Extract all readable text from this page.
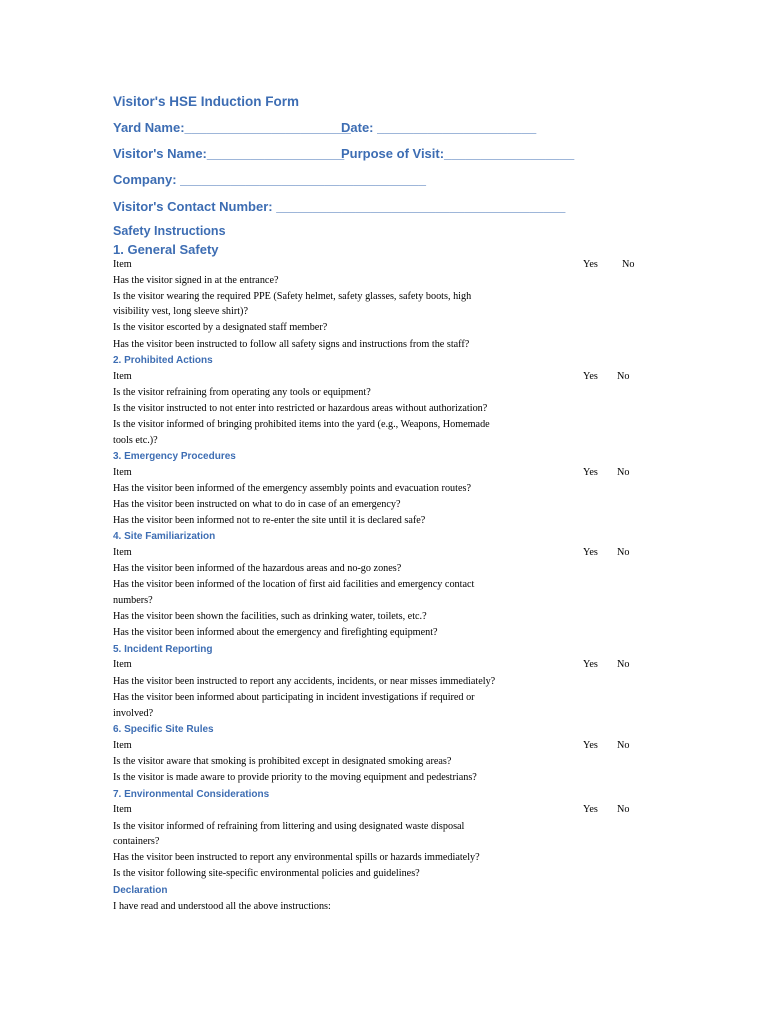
Visitor's HSE Induction Form
Yard Name:_______________________
Date: ______________________
Visitor's Name:___________________
Purpose of Visit:__________________
Company: __________________________________
Visitor's Contact Number: ________________________________________
Safety Instructions
1. General Safety
Item	Yes No
Has the visitor signed in at the entrance?
Is the visitor wearing the required PPE (Safety helmet, safety glasses, safety boots, high
visibility vest, long sleeve shirt)?
Is the visitor escorted by a designated staff member?
Has the visitor been instructed to follow all safety signs and instructions from the staff?
2. Prohibited Actions
Item	Yes No
Is the visitor refraining from operating any tools or equipment?
Is the visitor instructed to not enter into restricted or hazardous areas without authorization?
Is the visitor informed of bringing prohibited items into the yard (e.g., Weapons, Homemade
tools etc.)?
3. Emergency Procedures
Item	Yes No
Has the visitor been informed of the emergency assembly points and evacuation routes?
Has the visitor been instructed on what to do in case of an emergency?
Has the visitor been informed not to re-enter the site until it is declared safe?
4. Site Familiarization
Item	Yes No
Has the visitor been informed of the hazardous areas and no-go zones?
Has the visitor been informed of the location of first aid facilities and emergency contact
numbers?
Has the visitor been shown the facilities, such as drinking water, toilets, etc.?
Has the visitor been informed about the emergency and firefighting equipment?
5. Incident Reporting
Item	Yes No
Has the visitor been instructed to report any accidents, incidents, or near misses immediately?
Has the visitor been informed about participating in incident investigations if required or
involved?
6. Specific Site Rules
Item	Yes No
Is the visitor aware that smoking is prohibited except in designated smoking areas?
Is the visitor is made aware to provide priority to the moving equipment and pedestrians?
7. Environmental Considerations
Item	Yes No
Is the visitor informed of refraining from littering and using designated waste disposal
containers?
Has the visitor been instructed to report any environmental spills or hazards immediately?
Is the visitor following site-specific environmental policies and guidelines?
Declaration
I have read and understood all the above instructions:
